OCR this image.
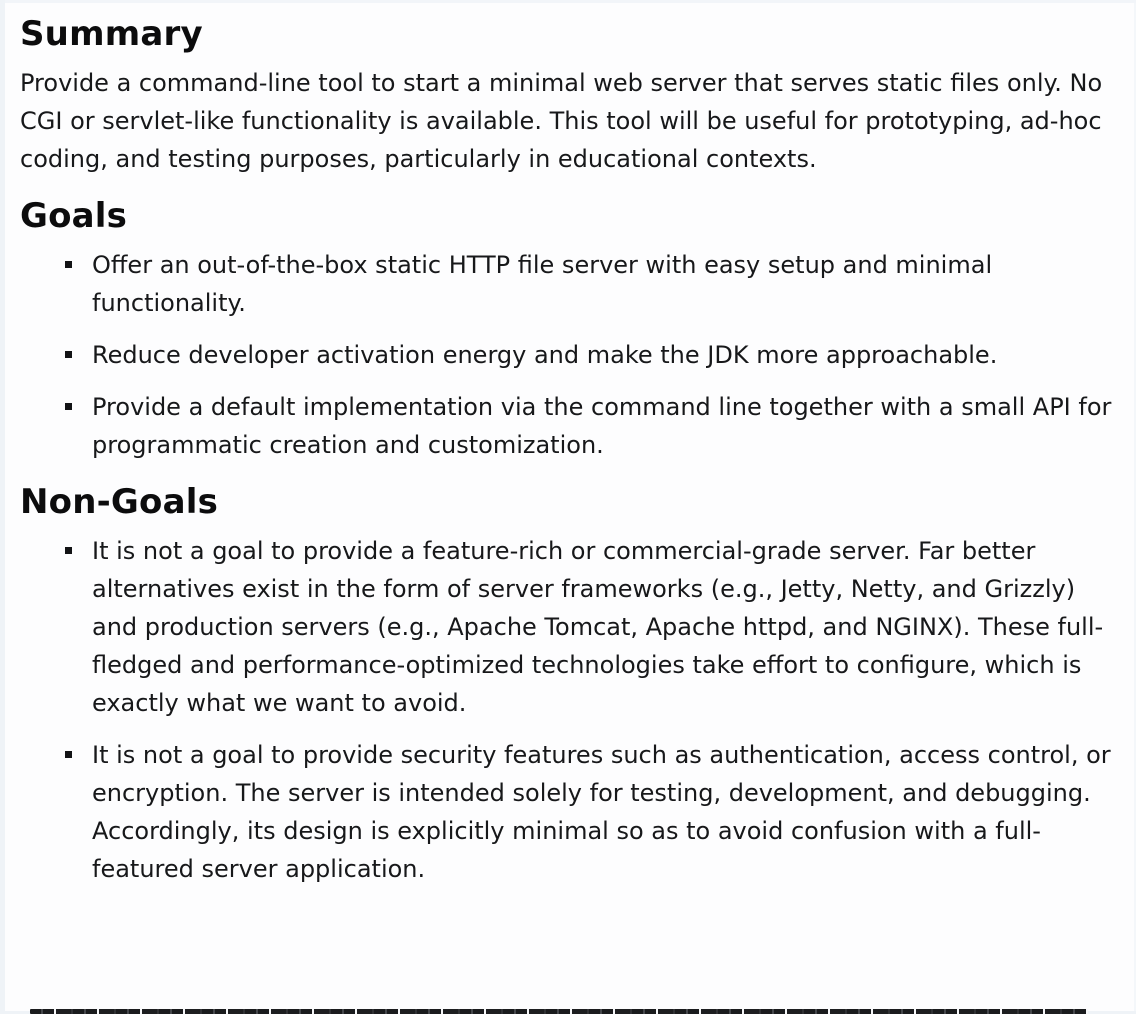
Summary

Provide a command-line tool to start a minimal web server that serves static files only. No CGI or servlet-like functionality is available. This tool will be useful for prototyping, ad-hoc coding, and testing purposes, particularly in educational contexts.

Goals
Offer an out-of-the-box static HTTP file server with easy setup and minimal functionality.
Reduce developer activation energy and make the JDK more approachable.
Provide a default implementation via the command line together with a small API for programmatic creation and customization.
Non-Goals
It is not a goal to provide a feature-rich or commercial-grade server. Far better alternatives exist in the form of server frameworks (e.g., Jetty, Netty, and Grizzly) and production servers (e.g., Apache Tomcat, Apache httpd, and NGINX). These full-fledged and performance-optimized technologies take effort to configure, which is exactly what we want to avoid.
It is not a goal to provide security features such as authentication, access control, or encryption. The server is intended solely for testing, development, and debugging. Accordingly, its design is explicitly minimal so as to avoid confusion with a full-featured server application.
